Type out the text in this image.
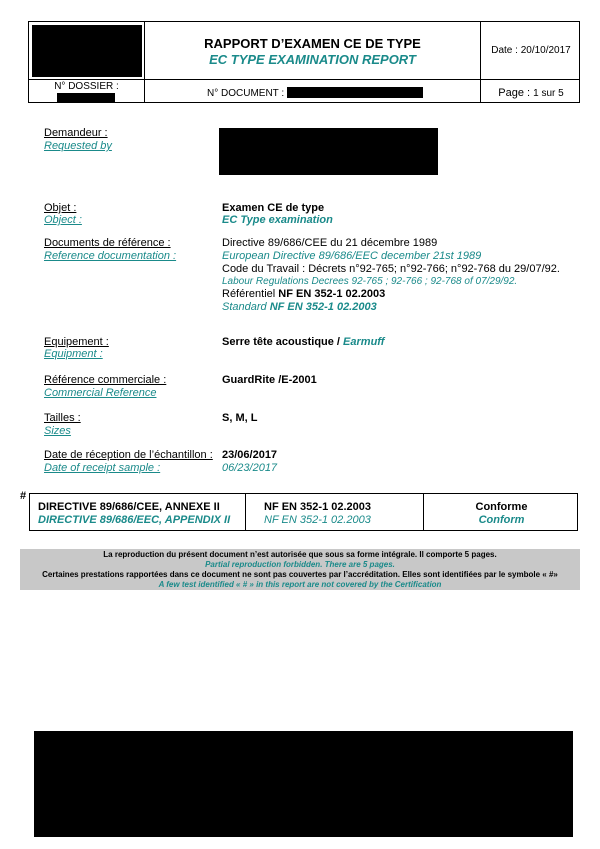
RAPPORT D’EXAMEN CE DE TYPE
EC TYPE EXAMINATION REPORT
Date : 20/10/2017
N° DOSSIER :
N° DOCUMENT :	Page : 1 sur 5
Demandeur :
Requested by
Objet :
Object :
Examen CE de type
EC Type examination
Documents de référence :
Reference documentation :
Directive 89/686/CEE du 21 décembre 1989
European Directive 89/686/EEC december 21st 1989
Code du Travail : Décrets n°92-765; n°92-766; n°92-768 du 29/07/92.
Labour Regulations Decrees 92-765 ; 92-766 ; 92-768 of 07/29/92.
Référentiel NF EN 352-1 02.2003
Standard NF EN 352-1 02.2003
Equipement :
Equipment :
Serre tête acoustique / Earmuff
Référence commerciale :
Commercial Reference
GuardRite /E-2001
Tailles :
Sizes
S, M, L
Date de réception de l’échantillon :
Date of receipt sample :
23/06/2017
06/23/2017
#
DIRECTIVE 89/686/CEE, ANNEXE II
DIRECTIVE 89/686/EEC, APPENDIX II
NF EN 352-1 02.2003
NF EN 352-1 02.2003
Conforme
Conform
La reproduction du présent document n’est autorisée que sous sa forme intégrale. Il comporte 5 pages.
Partial reproduction forbidden. There are 5 pages.
Certaines prestations rapportées dans ce document ne sont pas couvertes par l’accréditation. Elles sont identifiées par le symbole « #»
A few test identified « # » in this report are not covered by the Certification
